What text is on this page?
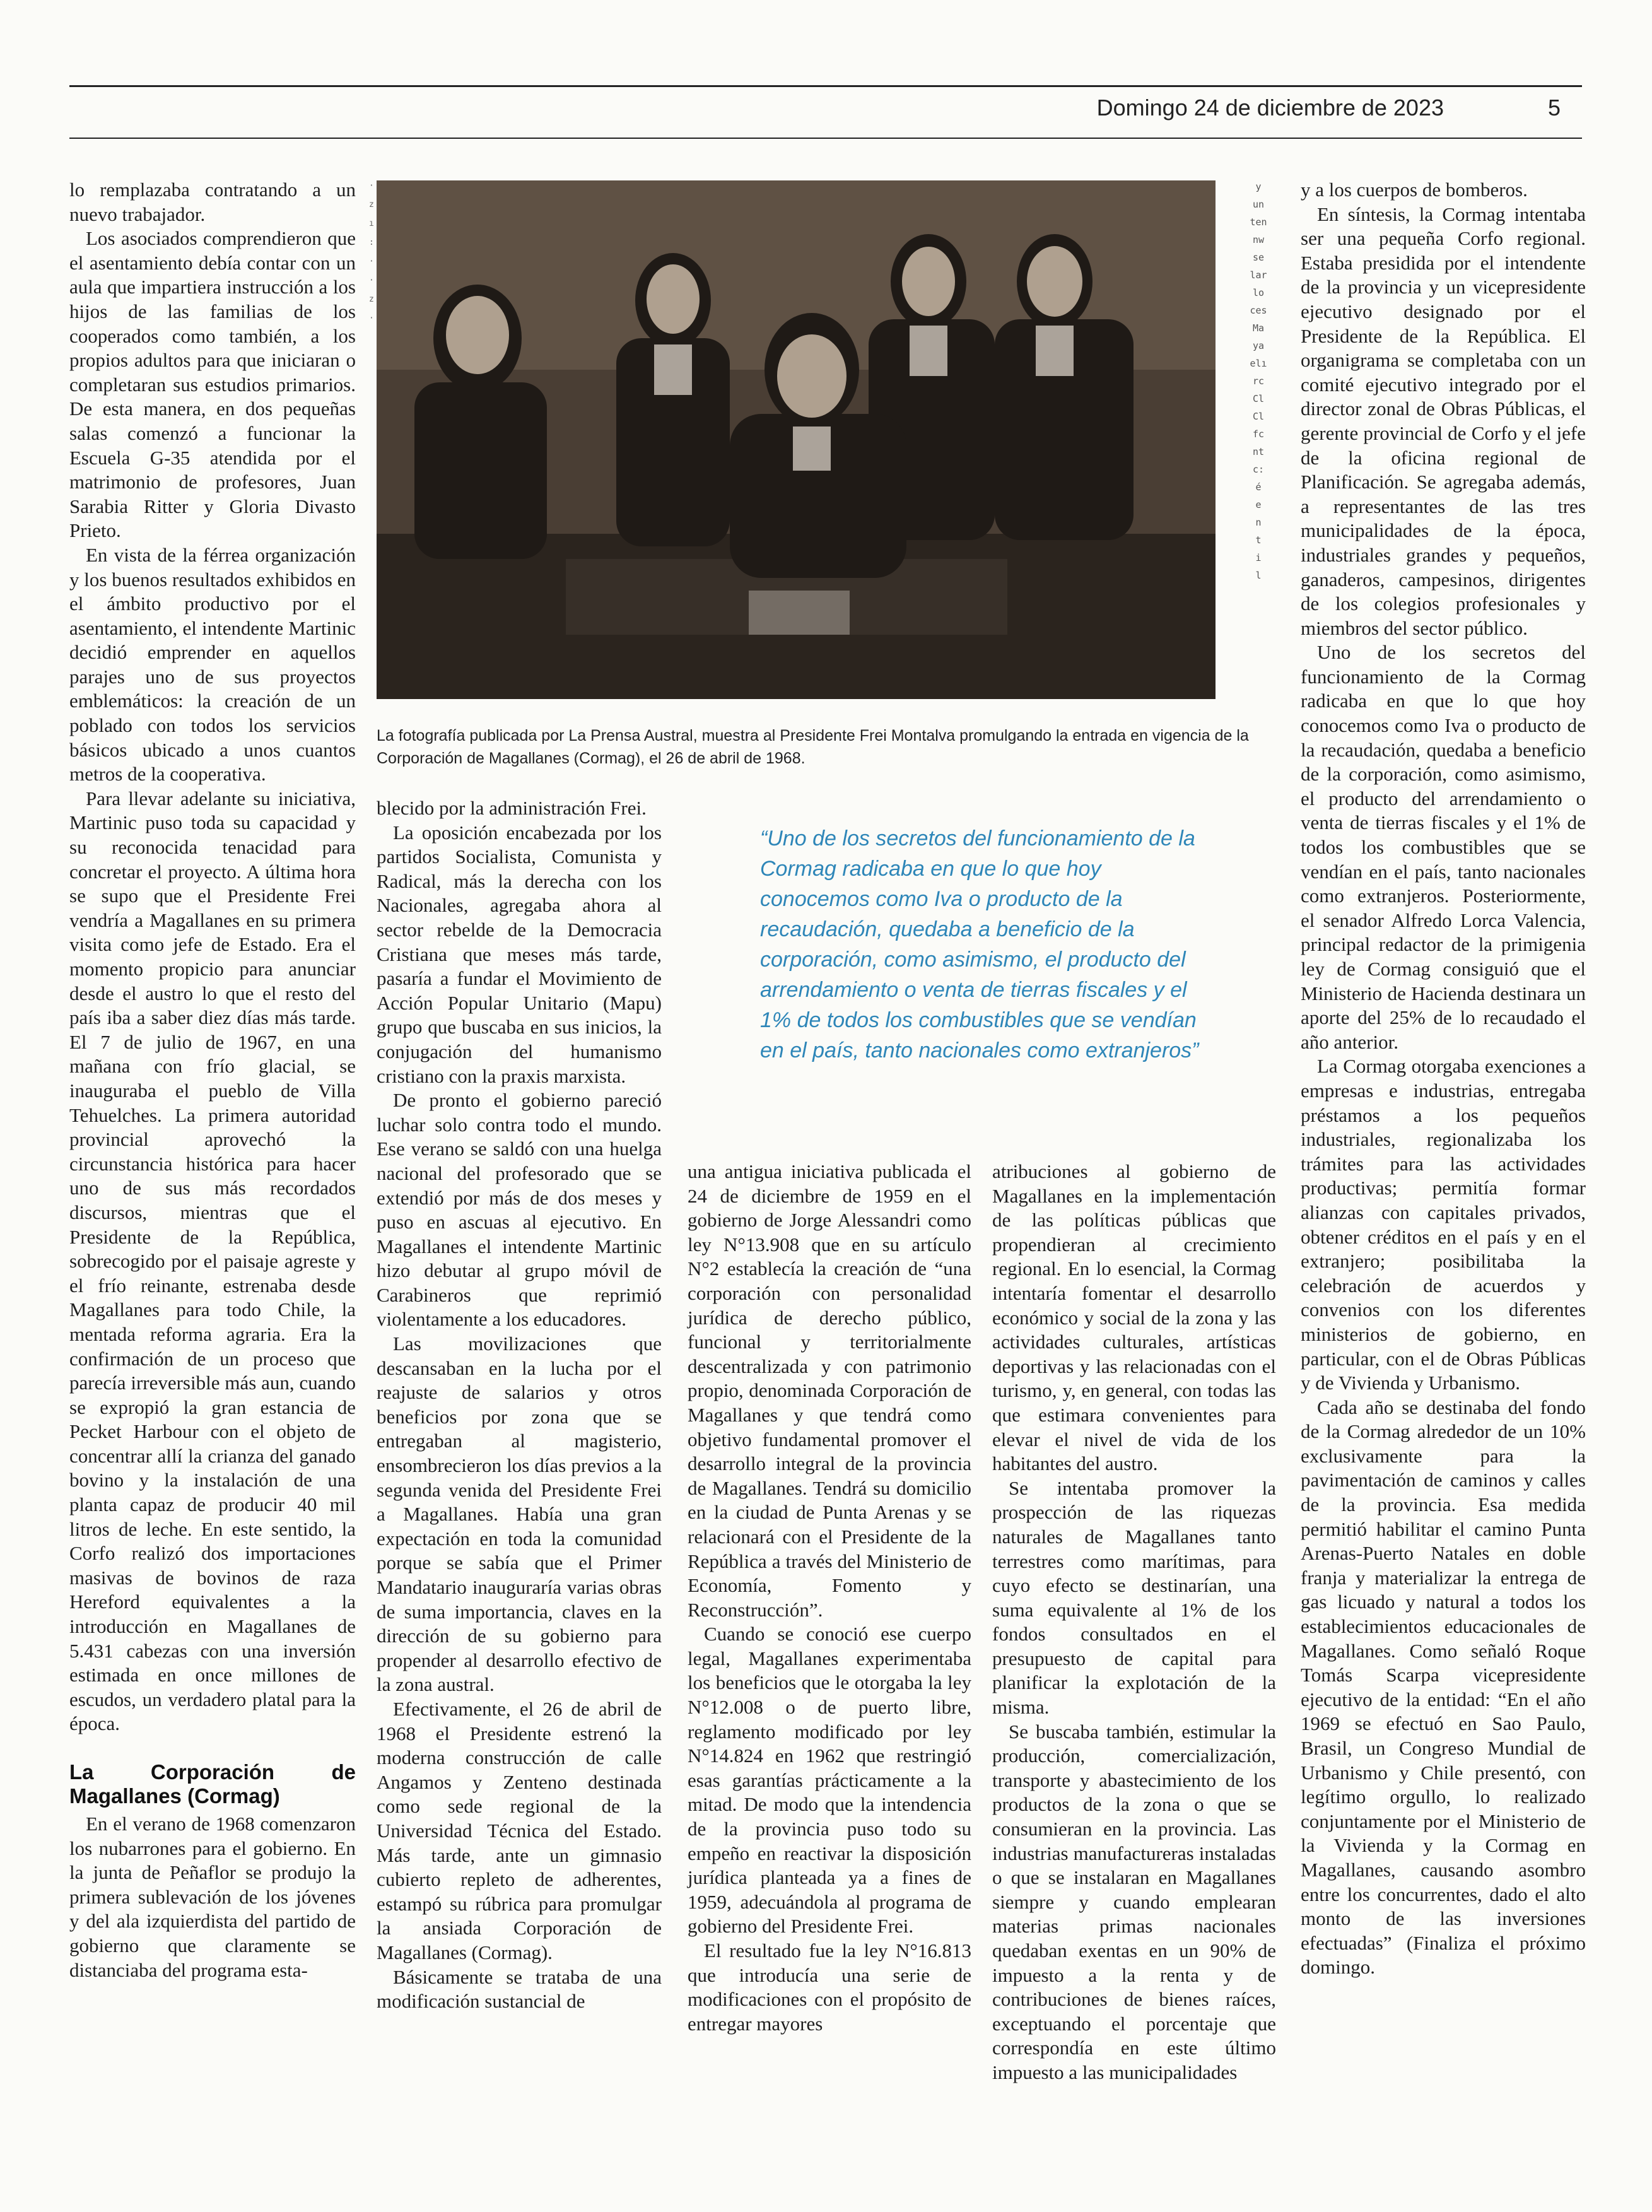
Domingo 24 de diciembre de 2023	5

lo remplazaba contratando a un nuevo trabajador.

Los asociados comprendieron que el asentamiento debía contar con un aula que impartiera instrucción a los hijos de las familias de los cooperados como también, a los propios adultos para que iniciaran o completaran sus estudios primarios. De esta manera, en dos pequeñas salas comenzó a funcionar la Escuela G-35 atendida por el matrimonio de profesores, Juan Sarabia Ritter y Gloria Divasto Prieto.

En vista de la férrea organización y los buenos resultados exhibidos en el ámbito productivo por el asentamiento, el intendente Martinic decidió emprender en aquellos parajes uno de sus proyectos emblemáticos: la creación de un poblado con todos los servicios básicos ubicado a unos cuantos metros de la cooperativa.

Para llevar adelante su iniciativa, Martinic puso toda su capacidad y su reconocida tenacidad para concretar el proyecto. A última hora se supo que el Presidente Frei vendría a Magallanes en su primera visita como jefe de Estado. Era el momento propicio para anunciar desde el austro lo que el resto del país iba a saber diez días más tarde. El 7 de julio de 1967, en una mañana con frío glacial, se inauguraba el pueblo de Villa Tehuelches. La primera autoridad provincial aprovechó la circunstancia histórica para hacer uno de sus más recordados discursos, mientras que el Presidente de la República, sobrecogido por el paisaje agreste y el frío reinante, estrenaba desde Magallanes para todo Chile, la mentada reforma agraria. Era la confirmación de un proceso que parecía irreversible más aun, cuando se expropió la gran estancia de Pecket Harbour con el objeto de concentrar allí la crianza del ganado bovino y la instalación de una planta capaz de producir 40 mil litros de leche. En este sentido, la Corfo realizó dos importaciones masivas de bovinos de raza Hereford equivalentes a la introducción en Magallanes de 5.431 cabezas con una inversión estimada en once millones de escudos, un verdadero platal para la época.

La Corporación de Magallanes (Cormag)

En el verano de 1968 comenzaron los nubarrones para el gobierno. En la junta de Peñaflor se produjo la primera sublevación de los jóvenes y del ala izquierdista del partido de gobierno que claramente se distanciaba del programa esta-

·
z
ı
:
·
·
z
·
y
un
ten
nw
se
lar
lo
ces
Ma
ya
elı
rc
Cl
Cl
fc
nt
c:
é
e
n
t
i
l
La fotografía publicada por La Prensa Austral, muestra al Presidente Frei Montalva promulgando la entrada en vigencia de la Corporación de Magallanes (Cormag), el 26 de abril de 1968.
“Uno de los secretos del funcionamiento de la Cormag radicaba en que lo que hoy conocemos como Iva o producto de la recaudación, quedaba a beneficio de la corporación, como asimismo, el producto del arrendamiento o venta de tierras fiscales y el 1% de todos los combustibles que se vendían en el país, tanto nacionales como extranjeros”

blecido por la administración Frei.

La oposición encabezada por los partidos Socialista, Comunista y Radical, más la derecha con los Nacionales, agregaba ahora al sector rebelde de la Democracia Cristiana que meses más tarde, pasaría a fundar el Movimiento de Acción Popular Unitario (Mapu) grupo que buscaba en sus inicios, la conjugación del humanismo cristiano con la praxis marxista.

De pronto el gobierno pareció luchar solo contra todo el mundo. Ese verano se saldó con una huelga nacional del profesorado que se extendió por más de dos meses y puso en ascuas al ejecutivo. En Magallanes el intendente Martinic hizo debutar al grupo móvil de Carabineros que reprimió violentamente a los educadores.

Las movilizaciones que descansaban en la lucha por el reajuste de salarios y otros beneficios por zona que se entregaban al magisterio, ensombrecieron los días previos a la segunda venida del Presidente Frei a Magallanes. Había una gran expectación en toda la comunidad porque se sabía que el Primer Mandatario inauguraría varias obras de suma importancia, claves en la dirección de su gobierno para propender al desarrollo efectivo de la zona austral.

Efectivamente, el 26 de abril de 1968 el Presidente estrenó la moderna construcción de calle Angamos y Zenteno destinada como sede regional de la Universidad Técnica del Estado. Más tarde, ante un gimnasio cubierto repleto de adherentes, estampó su rúbrica para promulgar la ansiada Corporación de Magallanes (Cormag).

Básicamente se trataba de una modificación sustancial de

una antigua iniciativa publicada el 24 de diciembre de 1959 en el gobierno de Jorge Alessandri como ley N°13.908 que en su artículo N°2 establecía la creación de “una corporación con personalidad jurídica de derecho público, funcional y territorialmente descentralizada y con patrimonio propio, denominada Corporación de Magallanes y que tendrá como objetivo fundamental promover el desarrollo integral de la provincia de Magallanes. Tendrá su domicilio en la ciudad de Punta Arenas y se relacionará con el Presidente de la República a través del Ministerio de Economía, Fomento y Reconstrucción”.

Cuando se conoció ese cuerpo legal, Magallanes experimentaba los beneficios que le otorgaba la ley N°12.008 o de puerto libre, reglamento modificado por ley N°14.824 en 1962 que restringió esas garantías prácticamente a la mitad. De modo que la intendencia de la provincia puso todo su empeño en reactivar la disposición jurídica planteada ya a fines de 1959, adecuándola al programa de gobierno del Presidente Frei.

El resultado fue la ley N°16.813 que introducía una serie de modificaciones con el propósito de entregar mayores

atribuciones al gobierno de Magallanes en la implementación de las políticas públicas que propendieran al crecimiento regional. En lo esencial, la Cormag intentaría fomentar el desarrollo económico y social de la zona y las actividades culturales, artísticas deportivas y las relacionadas con el turismo, y, en general, con todas las que estimara convenientes para elevar el nivel de vida de los habitantes del austro.

Se intentaba promover la prospección de las riquezas naturales de Magallanes tanto terrestres como marítimas, para cuyo efecto se destinarían, una suma equivalente al 1% de los fondos consultados en el presupuesto de capital para planificar la explotación de la misma.

Se buscaba también, estimular la producción, comercialización, transporte y abastecimiento de los productos de la zona o que se consumieran en la provincia. Las industrias manufactureras instaladas o que se instalaran en Magallanes siempre y cuando emplearan materias primas nacionales quedaban exentas en un 90% de impuesto a la renta y de contribuciones de bienes raíces, exceptuando el porcentaje que correspondía en este último impuesto a las municipalidades

y a los cuerpos de bomberos.

En síntesis, la Cormag intentaba ser una pequeña Corfo regional. Estaba presidida por el intendente de la provincia y un vicepresidente ejecutivo designado por el Presidente de la República. El organigrama se completaba con un comité ejecutivo integrado por el director zonal de Obras Públicas, el gerente provincial de Corfo y el jefe de la oficina regional de Planificación. Se agregaba además, a representantes de las tres municipalidades de la época, industriales grandes y pequeños, ganaderos, campesinos, dirigentes de los colegios profesionales y miembros del sector público.

Uno de los secretos del funcionamiento de la Cormag radicaba en que lo que hoy conocemos como Iva o producto de la recaudación, quedaba a beneficio de la corporación, como asimismo, el producto del arrendamiento o venta de tierras fiscales y el 1% de todos los combustibles que se vendían en el país, tanto nacionales como extranjeros. Posteriormente, el senador Alfredo Lorca Valencia, principal redactor de la primigenia ley de Cormag consiguió que el Ministerio de Hacienda destinara un aporte del 25% de lo recaudado el año anterior.

La Cormag otorgaba exenciones a empresas e industrias, entregaba préstamos a los pequeños industriales, regionalizaba los trámites para las actividades productivas; permitía formar alianzas con capitales privados, obtener créditos en el país y en el extranjero; posibilitaba la celebración de acuerdos y convenios con los diferentes ministerios de gobierno, en particular, con el de Obras Públicas y de Vivienda y Urbanismo.

Cada año se destinaba del fondo de la Cormag alrededor de un 10% exclusivamente para la pavimentación de caminos y calles de la provincia. Esa medida permitió habilitar el camino Punta Arenas-Puerto Natales en doble franja y materializar la entrega de gas licuado y natural a todos los establecimientos educacionales de Magallanes. Como señaló Roque Tomás Scarpa vicepresidente ejecutivo de la entidad: “En el año 1969 se efectuó en Sao Paulo, Brasil, un Congreso Mundial de Urbanismo y Chile presentó, con legítimo orgullo, lo realizado conjuntamente por el Ministerio de la Vivienda y la Cormag en Magallanes, causando asombro entre los concurrentes, dado el alto monto de las inversiones efectuadas” (Finaliza el próximo domingo.
